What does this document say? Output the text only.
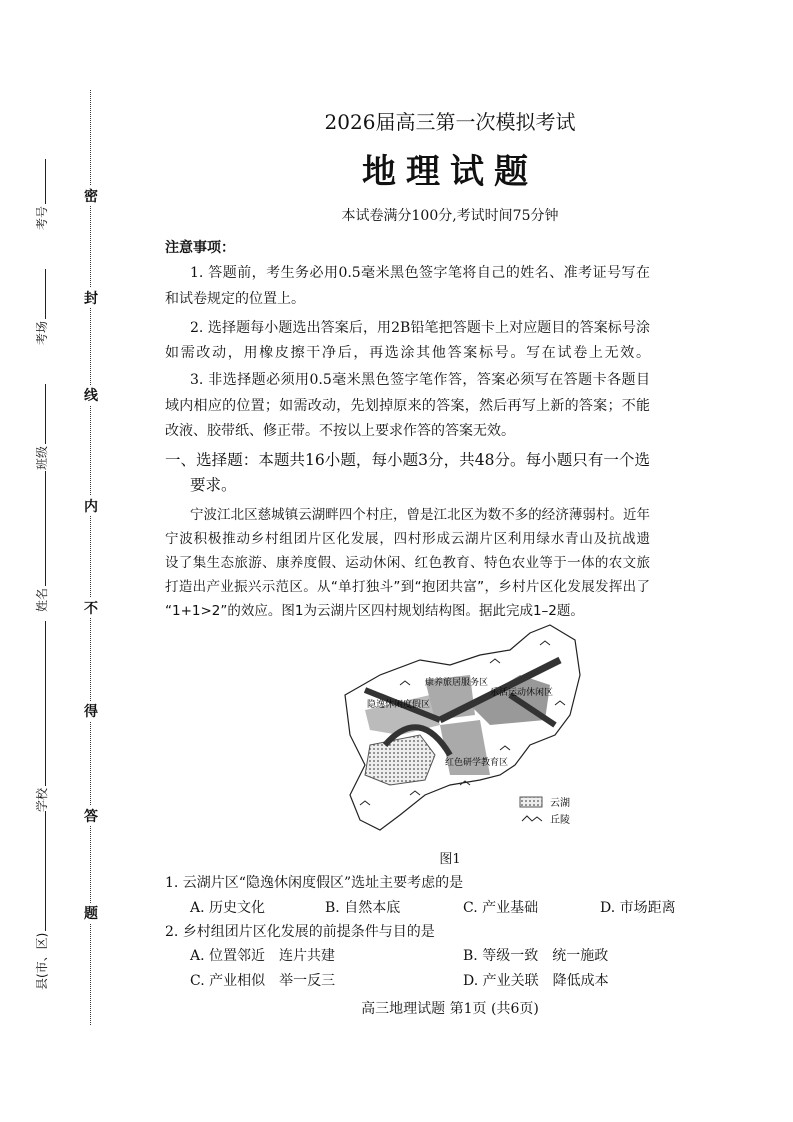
密
封
线
内
不
得
答
题
考号
考场
班级
姓名
学校
县(市、区)
2026届高三第一次模拟考试
地理试题
本试卷满分100分,考试时间75分钟
注意事项：
1. 答题前，考生务必用0.5毫米黑色签字笔将自己的姓名、准考证号写在
和试卷规定的位置上。
2. 选择题每小题选出答案后，用2B铅笔把答题卡上对应题目的答案标号涂
如需改动，用橡皮擦干净后，再选涂其他答案标号。写在试卷上无效。
3. 非选择题必须用0.5毫米黑色签字笔作答，答案必须写在答题卡各题目
域内相应的位置；如需改动，先划掉原来的答案，然后再写上新的答案；不能
改液、胶带纸、修正带。不按以上要求作答的答案无效。
一、选择题：本题共16小题，每小题3分，共48分。每小题只有一个选
要求。
宁波江北区慈城镇云湖畔四个村庄，曾是江北区为数不多的经济薄弱村。近年
宁波积极推动乡村组团片区化发展，四村形成云湖片区利用绿水青山及抗战遗
设了集生态旅游、康养度假、运动休闲、红色教育、特色农业等于一体的农文旅
打造出产业振兴示范区。从“单打独斗”到“抱团共富”，乡村片区化发展发挥出了
“1+1>2”的效应。图1为云湖片区四村规划结构图。据此完成1–2题。
隐逸休闲度假区
康养旅居服务区
乐活运动休闲区
红色研学教育区
云湖
丘陵
图1
1. 云湖片区“隐逸休闲度假区”选址主要考虑的是
A. 历史文化	B. 自然本底	C. 产业基础	D. 市场距离
2. 乡村组团片区化发展的前提条件与目的是
A. 位置邻近　连片共建	B. 等级一致　统一施政
C. 产业相似　举一反三	D. 产业关联　降低成本
高三地理试题 第1页 (共6页)
